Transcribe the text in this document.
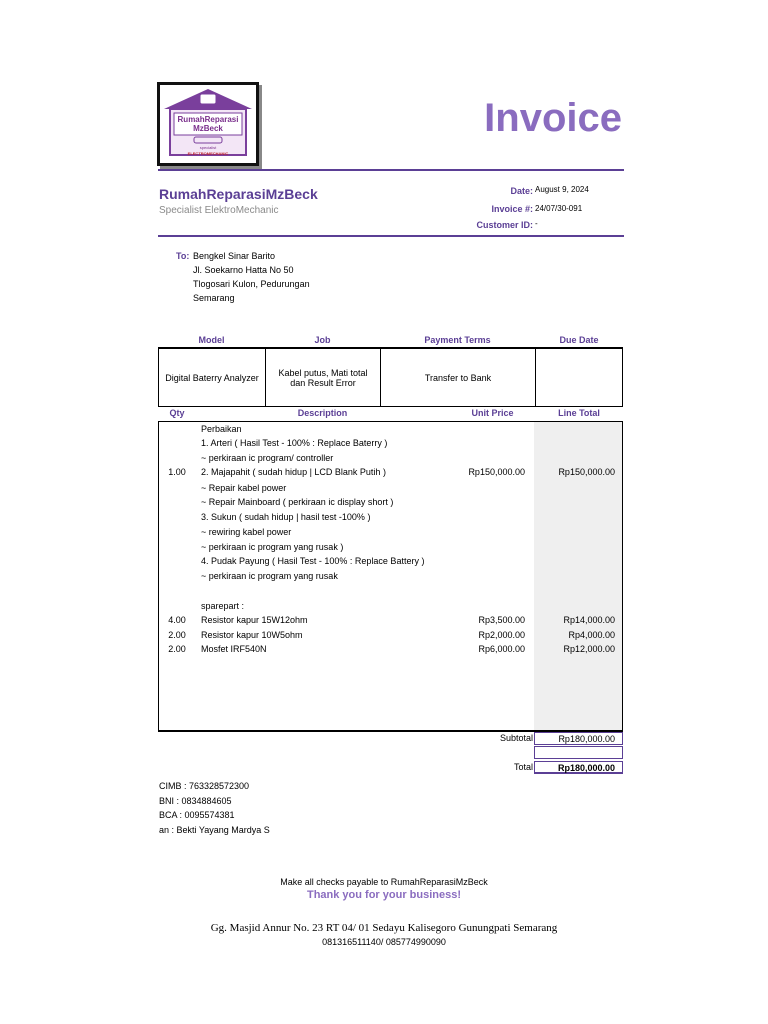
RumahReparasi
MzBeck
specialist
ELECTROMECHANIC
Invoice
RumahReparasiMzBeck
Specialist ElektroMechanic
Date: August 9, 2024
Invoice #: 24/07/30-091
Customer ID: -
To: Bengkel Sinar Barito
Jl. Soekarno Hatta No 50
Tlogosari Kulon, Pedurungan
Semarang
Model	Job	Payment Terms	Due Date
Digital Baterry Analyzer	Kabel putus, Mati total dan Result Error	Transfer to Bank
Qty	Description	Unit Price	Line Total
Perbaikan
1. Arteri ( Hasil Test - 100% : Replace Baterry )
~ perkiraan ic program/ controller
1.00	2. Majapahit ( sudah hidup | LCD Blank Putih )	Rp150,000.00	Rp150,000.00
~ Repair kabel power
~ Repair Mainboard ( perkiraan ic display short )
3. Sukun ( sudah hidup | hasil test -100% )
~ rewiring kabel power
~ perkiraan ic program yang rusak )
4. Pudak Payung ( Hasil Test - 100% : Replace Battery )
~ perkiraan ic program yang rusak
sparepart :
4.00	Resistor kapur 15W12ohm	Rp3,500.00	Rp14,000.00
2.00	Resistor kapur 10W5ohm	Rp2,000.00	Rp4,000.00
2.00	Mosfet IRF540N	Rp6,000.00	Rp12,000.00
Subtotal	Rp180,000.00
Total	Rp180,000.00
CIMB : 763328572300
BNI : 0834884605
BCA : 0095574381
an : Bekti Yayang Mardya S
Make all checks payable to RumahReparasiMzBeck
Thank you for your business!
Gg. Masjid Annur No. 23 RT 04/ 01 Sedayu Kalisegoro Gunungpati Semarang
081316511140/ 085774990090
